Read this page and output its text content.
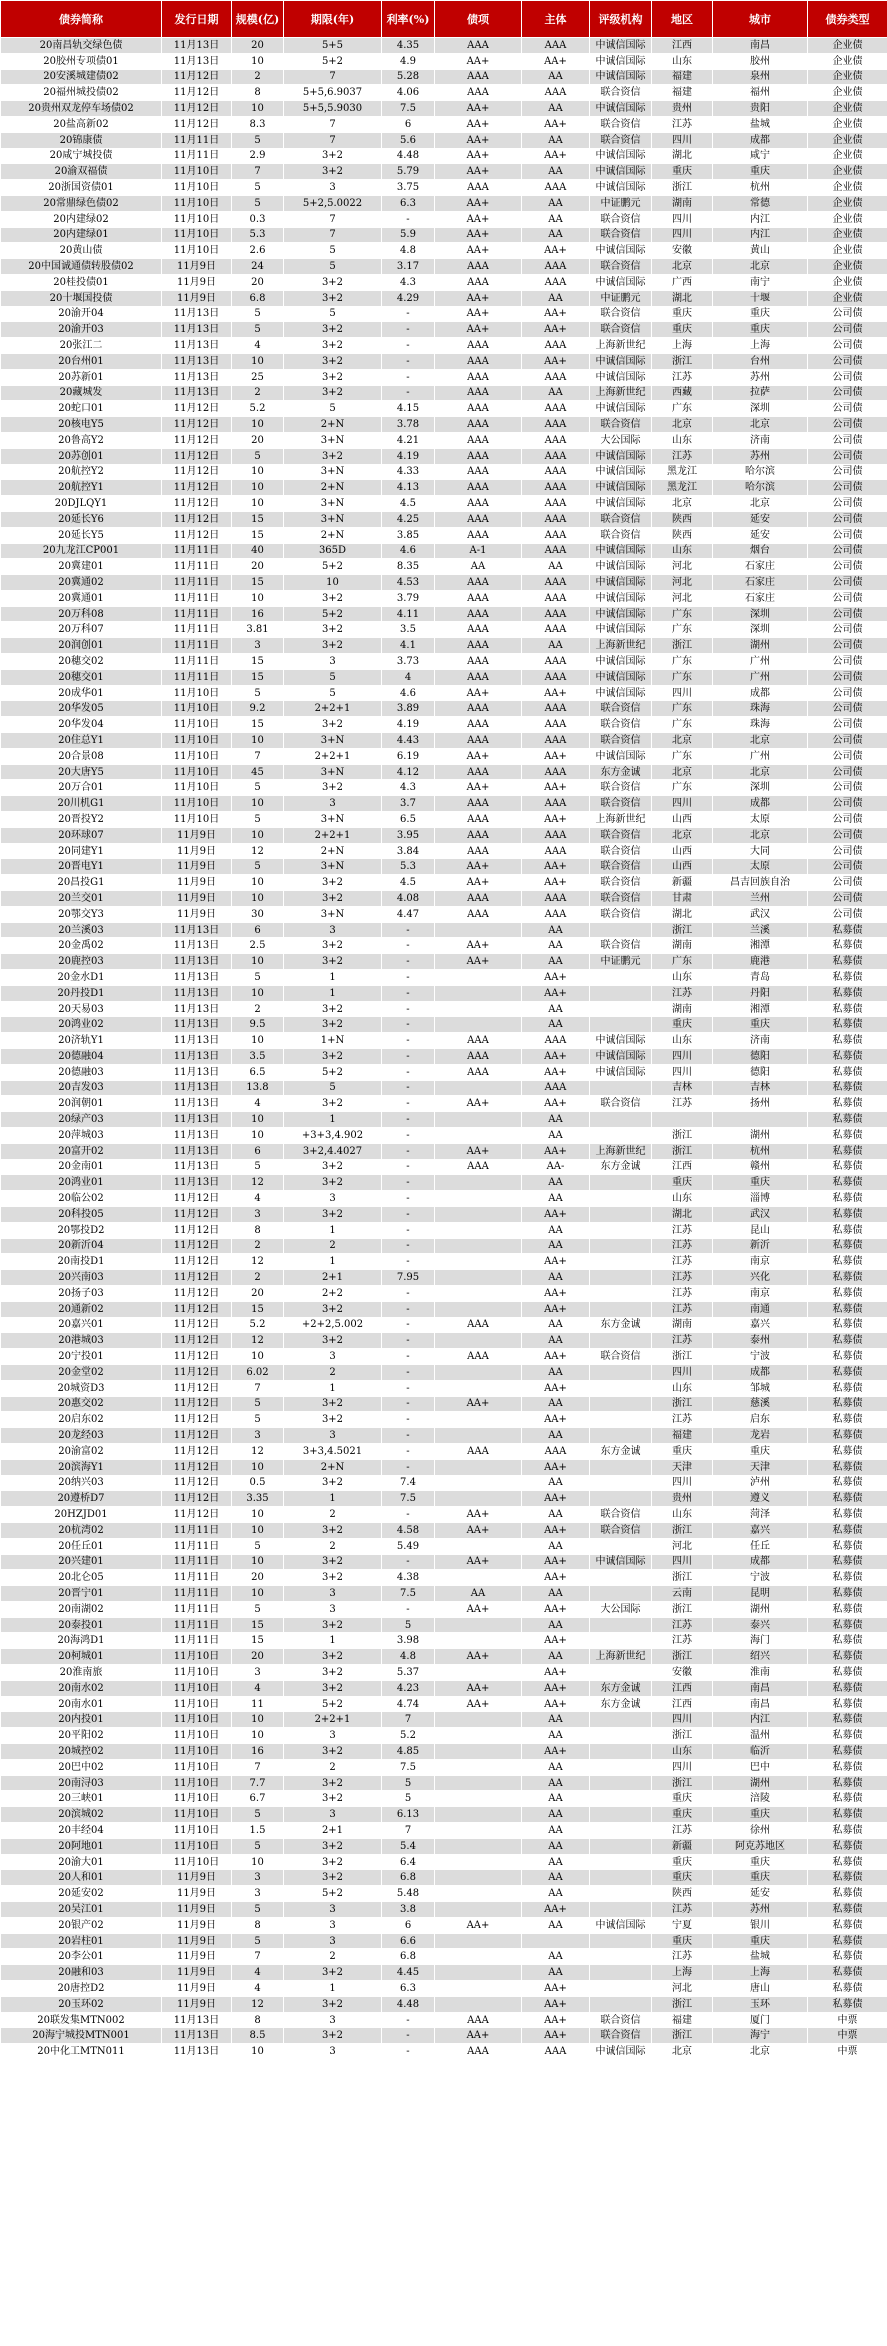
债券简称	发行日期	规模(亿)	期限(年)	利率(%)	债项	主体	评级机构	地区	城市	债券类型
20南昌轨交绿色债	11月13日	20	5+5	4.35	AAA	AAA	中诚信国际	江西	南昌	企业债
20胶州专项债01	11月13日	10	5+2	4.9	AA+	AA+	中诚信国际	山东	胶州	企业债
20安溪城建债02	11月12日	2	7	5.28	AAA	AA	中诚信国际	福建	泉州	企业债
20福州城投债02	11月12日	8	5+5,6.9037	4.06	AAA	AAA	联合资信	福建	福州	企业债
20贵州双龙停车场债02	11月12日	10	5+5,5.9030	7.5	AA+	AA	中诚信国际	贵州	贵阳	企业债
20盐高新02	11月12日	8.3	7	6	AA+	AA+	联合资信	江苏	盐城	企业债
20锦康债	11月11日	5	7	5.6	AA+	AA	联合资信	四川	成都	企业债
20咸宁城投债	11月11日	2.9	3+2	4.48	AA+	AA+	中诚信国际	湖北	咸宁	企业债
20渝双福债	11月10日	7	3+2	5.79	AA+	AA	中诚信国际	重庆	重庆	企业债
20浙国资债01	11月10日	5	3	3.75	AAA	AAA	中诚信国际	浙江	杭州	企业债
20常鼎绿色债02	11月10日	5	5+2,5.0022	6.3	AA+	AA	中证鹏元	湖南	常德	企业债
20内建绿02	11月10日	0.3	7	-	AA+	AA	联合资信	四川	内江	企业债
20内建绿01	11月10日	5.3	7	5.9	AA+	AA	联合资信	四川	内江	企业债
20黄山债	11月10日	2.6	5	4.8	AA+	AA+	中诚信国际	安徽	黄山	企业债
20中国诚通债转股债02	11月9日	24	5	3.17	AAA	AAA	联合资信	北京	北京	企业债
20桂投债01	11月9日	20	3+2	4.3	AAA	AAA	中诚信国际	广西	南宁	企业债
20十堰国投债	11月9日	6.8	3+2	4.29	AA+	AA	中证鹏元	湖北	十堰	企业债
20渝开04	11月13日	5	5	-	AA+	AA+	联合资信	重庆	重庆	公司债
20渝开03	11月13日	5	3+2	-	AA+	AA+	联合资信	重庆	重庆	公司债
20张江二	11月13日	4	3+2	-	AAA	AAA	上海新世纪	上海	上海	公司债
20台州01	11月13日	10	3+2	-	AAA	AA+	中诚信国际	浙江	台州	公司债
20苏新01	11月13日	25	3+2	-	AAA	AAA	中诚信国际	江苏	苏州	公司债
20藏城发	11月13日	2	3+2	-	AAA	AA	上海新世纪	西藏	拉萨	公司债
20蛇口01	11月12日	5.2	5	4.15	AAA	AAA	中诚信国际	广东	深圳	公司债
20核电Y5	11月12日	10	2+N	3.78	AAA	AAA	联合资信	北京	北京	公司债
20鲁高Y2	11月12日	20	3+N	4.21	AAA	AAA	大公国际	山东	济南	公司债
20苏创01	11月12日	5	3+2	4.19	AAA	AAA	中诚信国际	江苏	苏州	公司债
20航控Y2	11月12日	10	3+N	4.33	AAA	AAA	中诚信国际	黑龙江	哈尔滨	公司债
20航控Y1	11月12日	10	2+N	4.13	AAA	AAA	中诚信国际	黑龙江	哈尔滨	公司债
20DJLQY1	11月12日	10	3+N	4.5	AAA	AAA	中诚信国际	北京	北京	公司债
20延长Y6	11月12日	15	3+N	4.25	AAA	AAA	联合资信	陕西	延安	公司债
20延长Y5	11月12日	15	2+N	3.85	AAA	AAA	联合资信	陕西	延安	公司债
20九龙江CP001	11月11日	40	365D	4.6	A-1	AAA	中诚信国际	山东	烟台	公司债
20冀建01	11月11日	20	5+2	8.35	AA	AA	中诚信国际	河北	石家庄	公司债
20冀通02	11月11日	15	10	4.53	AAA	AAA	中诚信国际	河北	石家庄	公司债
20冀通01	11月11日	10	3+2	3.79	AAA	AAA	中诚信国际	河北	石家庄	公司债
20万科08	11月11日	16	5+2	4.11	AAA	AAA	中诚信国际	广东	深圳	公司债
20万科07	11月11日	3.81	3+2	3.5	AAA	AAA	中诚信国际	广东	深圳	公司债
20润创01	11月11日	3	3+2	4.1	AAA	AA	上海新世纪	浙江	湖州	公司债
20穗交02	11月11日	15	3	3.73	AAA	AAA	中诚信国际	广东	广州	公司债
20穗交01	11月11日	15	5	4	AAA	AAA	中诚信国际	广东	广州	公司债
20成华01	11月10日	5	5	4.6	AA+	AA+	中诚信国际	四川	成都	公司债
20华发05	11月10日	9.2	2+2+1	3.89	AAA	AAA	联合资信	广东	珠海	公司债
20华发04	11月10日	15	3+2	4.19	AAA	AAA	联合资信	广东	珠海	公司债
20住总Y1	11月10日	10	3+N	4.43	AAA	AAA	联合资信	北京	北京	公司债
20合景08	11月10日	7	2+2+1	6.19	AA+	AA+	中诚信国际	广东	广州	公司债
20大唐Y5	11月10日	45	3+N	4.12	AAA	AAA	东方金诚	北京	北京	公司债
20万合01	11月10日	5	3+2	4.3	AA+	AA+	联合资信	广东	深圳	公司债
20川机G1	11月10日	10	3	3.7	AAA	AAA	联合资信	四川	成都	公司债
20晋投Y2	11月10日	5	3+N	6.5	AAA	AA+	上海新世纪	山西	太原	公司债
20环球07	11月9日	10	2+2+1	3.95	AAA	AAA	联合资信	北京	北京	公司债
20同建Y1	11月9日	12	2+N	3.84	AAA	AAA	联合资信	山西	大同	公司债
20晋电Y1	11月9日	5	3+N	5.3	AA+	AA+	联合资信	山西	太原	公司债
20昌投G1	11月9日	10	3+2	4.5	AA+	AA+	联合资信	新疆	昌吉回族自治	公司债
20兰交01	11月9日	10	3+2	4.08	AAA	AAA	联合资信	甘肃	兰州	公司债
20鄂交Y3	11月9日	30	3+N	4.47	AAA	AAA	联合资信	湖北	武汉	公司债
20兰溪03	11月13日	6	3	-		AA		浙江	兰溪	私募债
20金禹02	11月13日	2.5	3+2	-	AA+	AA	联合资信	湖南	湘潭	私募债
20鹿控03	11月13日	10	3+2	-	AA+	AA	中证鹏元	广东	鹿港	私募债
20金水D1	11月13日	5	1	-		AA+		山东	青岛	私募债
20丹投D1	11月13日	10	1	-		AA+		江苏	丹阳	私募债
20天易03	11月13日	2	3+2	-		AA		湖南	湘潭	私募债
20鸿业02	11月13日	9.5	3+2	-		AA		重庆	重庆	私募债
20济轨Y1	11月13日	10	1+N	-	AAA	AAA	中诚信国际	山东	济南	私募债
20德融04	11月13日	3.5	3+2	-	AAA	AA+	中诚信国际	四川	德阳	私募债
20德融03	11月13日	6.5	5+2	-	AAA	AA+	中诚信国际	四川	德阳	私募债
20吉发03	11月13日	13.8	5	-		AAA		吉林	吉林	私募债
20润朝01	11月13日	4	3+2	-	AA+	AA+	联合资信	江苏	扬州	私募债
20绿产03	11月13日	10	1	-		AA				私募债
20萍城03	11月13日	10	+3+3,4.902	-		AA		浙江	湖州	私募债
20富开02	11月13日	6	3+2,4.4027	-	AA+	AA+	上海新世纪	浙江	杭州	私募债
20金南01	11月13日	5	3+2	-	AAA	AA-	东方金诚	江西	赣州	私募债
20鸿业01	11月13日	12	3+2	-		AA		重庆	重庆	私募债
20临公02	11月12日	4	3	-		AA		山东	淄博	私募债
20科投05	11月12日	3	3+2	-		AA+		湖北	武汉	私募债
20鄂投D2	11月12日	8	1	-		AA		江苏	昆山	私募债
20新沂04	11月12日	2	2	-		AA		江苏	新沂	私募债
20南投D1	11月12日	12	1	-		AA+		江苏	南京	私募债
20兴南03	11月12日	2	2+1	7.95		AA		江苏	兴化	私募债
20扬子03	11月12日	20	2+2	-		AA+		江苏	南京	私募债
20通新02	11月12日	15	3+2	-		AA+		江苏	南通	私募债
20嘉兴01	11月12日	5.2	+2+2,5.002	-	AAA	AA	东方金诚	湖南	嘉兴	私募债
20港城03	11月12日	12	3+2	-		AA		江苏	泰州	私募债
20宁投01	11月12日	10	3	-	AAA	AA+	联合资信	浙江	宁波	私募债
20金堂02	11月12日	6.02	2	-		AA		四川	成都	私募债
20城资D3	11月12日	7	1	-		AA+		山东	邹城	私募债
20惠交02	11月12日	5	3+2	-	AA+	AA		浙江	慈溪	私募债
20启东02	11月12日	5	3+2	-		AA+		江苏	启东	私募债
20龙经03	11月12日	3	3	-		AA		福建	龙岩	私募债
20渝富02	11月12日	12	3+3,4.5021	-	AAA	AAA	东方金诚	重庆	重庆	私募债
20滨海Y1	11月12日	10	2+N	-		AA+		天津	天津	私募债
20纳兴03	11月12日	0.5	3+2	7.4		AA		四川	泸州	私募债
20遵桥D7	11月12日	3.35	1	7.5		AA+		贵州	遵义	私募债
20HZJD01	11月12日	10	2	-	AA+	AA	联合资信	山东	菏泽	私募债
20杭湾02	11月11日	10	3+2	4.58	AA+	AA+	联合资信	浙江	嘉兴	私募债
20任丘01	11月11日	5	2	5.49		AA		河北	任丘	私募债
20兴建01	11月11日	10	3+2	-	AA+	AA+	中诚信国际	四川	成都	私募债
20北仑05	11月11日	20	3+2	4.38		AA+		浙江	宁波	私募债
20晋宁01	11月11日	10	3	7.5	AA	AA		云南	昆明	私募债
20南湖02	11月11日	5	3	-	AA+	AA+	大公国际	浙江	湖州	私募债
20泰投01	11月11日	15	3+2	5		AA		江苏	泰兴	私募债
20海鸿D1	11月11日	15	1	3.98		AA+		江苏	海门	私募债
20柯城01	11月10日	20	3+2	4.8	AA+	AA	上海新世纪	浙江	绍兴	私募债
20淮南旅	11月10日	3	3+2	5.37		AA+		安徽	淮南	私募债
20南水02	11月10日	4	3+2	4.23	AA+	AA+	东方金诚	江西	南昌	私募债
20南水01	11月10日	11	5+2	4.74	AA+	AA+	东方金诚	江西	南昌	私募债
20内投01	11月10日	10	2+2+1	7		AA		四川	内江	私募债
20平阳02	11月10日	10	3	5.2		AA		浙江	温州	私募债
20城控02	11月10日	16	3+2	4.85		AA+		山东	临沂	私募债
20巴中02	11月10日	7	2	7.5		AA		四川	巴中	私募债
20南浔03	11月10日	7.7	3+2	5		AA		浙江	湖州	私募债
20三峡01	11月10日	6.7	3+2	5		AA		重庆	涪陵	私募债
20滨城02	11月10日	5	3	6.13		AA		重庆	重庆	私募债
20丰经04	11月10日	1.5	2+1	7		AA		江苏	徐州	私募债
20阿地01	11月10日	5	3+2	5.4		AA		新疆	阿克苏地区	私募债
20渝大01	11月10日	10	3+2	6.4		AA		重庆	重庆	私募债
20人和01	11月9日	3	3+2	6.8		AA		重庆	重庆	私募债
20延安02	11月9日	3	5+2	5.48		AA		陕西	延安	私募债
20吴江01	11月9日	5	3	3.8		AA+		江苏	苏州	私募债
20银产02	11月9日	8	3	6	AA+	AA	中诚信国际	宁夏	银川	私募债
20岩柱01	11月9日	5	3	6.6				重庆	重庆	私募债
20李公01	11月9日	7	2	6.8		AA		江苏	盐城	私募债
20融和03	11月9日	4	3+2	4.45		AA		上海	上海	私募债
20唐控D2	11月9日	4	1	6.3		AA+		河北	唐山	私募债
20玉环02	11月9日	12	3+2	4.48		AA+		浙江	玉环	私募债
20联发集MTN002	11月13日	8	3	-	AAA	AA+	联合资信	福建	厦门	中票
20海宁城投MTN001	11月13日	8.5	3+2	-	AA+	AA+	联合资信	浙江	海宁	中票
20中化工MTN011	11月13日	10	3	-	AAA	AAA	中诚信国际	北京	北京	中票
